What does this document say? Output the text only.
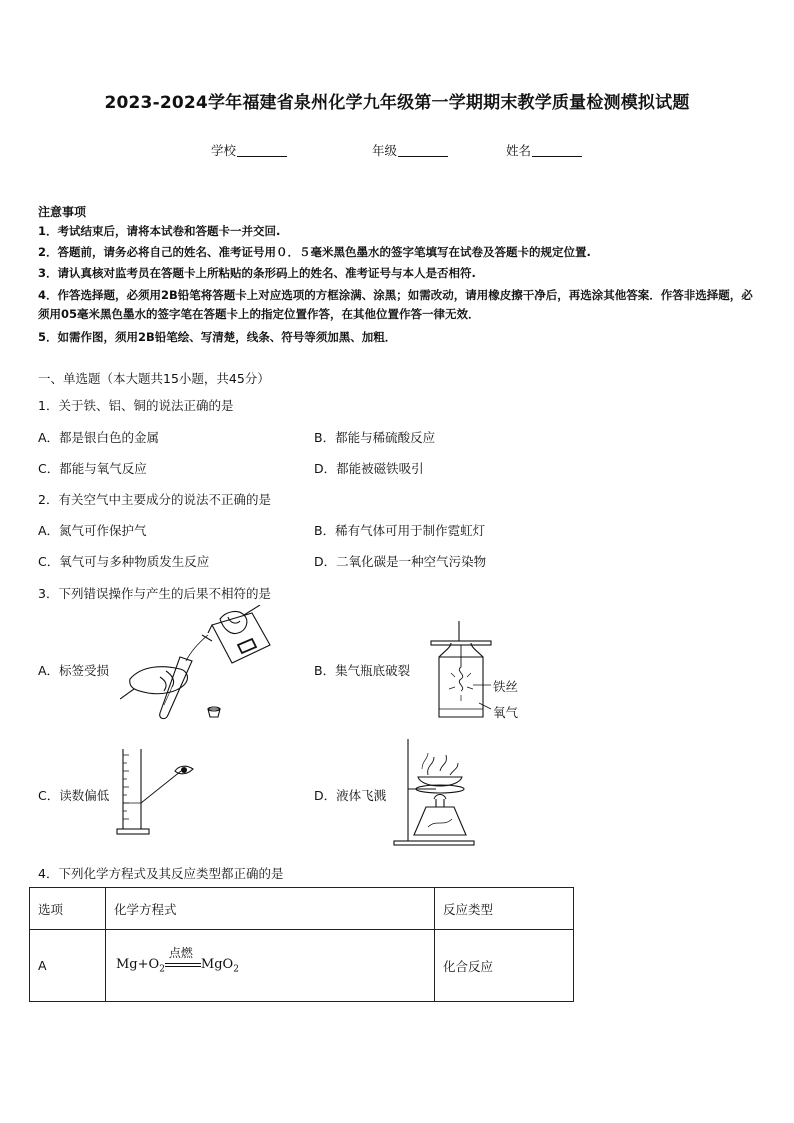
2023-2024学年福建省泉州化学九年级第一学期期末教学质量检测模拟试题
学校	年级	姓名
注意事项
1．考试结束后，请将本试卷和答题卡一并交回.
2．答题前，请务必将自己的姓名、准考证号用０．５毫米黑色墨水的签字笔填写在试卷及答题卡的规定位置.
3．请认真核对监考员在答题卡上所粘贴的条形码上的姓名、准考证号与本人是否相符.
4．作答选择题，必须用2B铅笔将答题卡上对应选项的方框涂满、涂黑；如需改动，请用橡皮擦干净后，再选涂其他答案．作答非选择题，必须用05毫米黑色墨水的签字笔在答题卡上的指定位置作答，在其他位置作答一律无效．
5．如需作图，须用2B铅笔绘、写清楚，线条、符号等须加黑、加粗．
一、单选题（本大题共15小题，共45分）
1．关于铁、铝、铜的说法正确的是
A．都是银白色的金属	B．都能与稀硫酸反应
C．都能与氧气反应	D．都能被磁铁吸引
2．有关空气中主要成分的说法不正确的是
A．氮气可作保护气	B．稀有气体可用于制作霓虹灯
C．氧气可与多种物质发生反应	D．二氧化碳是一种空气污染物
3．下列错误操作与产生的后果不相符的是
A．标签受损	B．集气瓶底破裂
铁丝
氧气
C．读数偏低	D．液体飞溅
4．下列化学方程式及其反应类型都正确的是
选项	化学方程式	反应类型
A	$Mg+O_2$
点燃
MgO$_2$	化合反应
